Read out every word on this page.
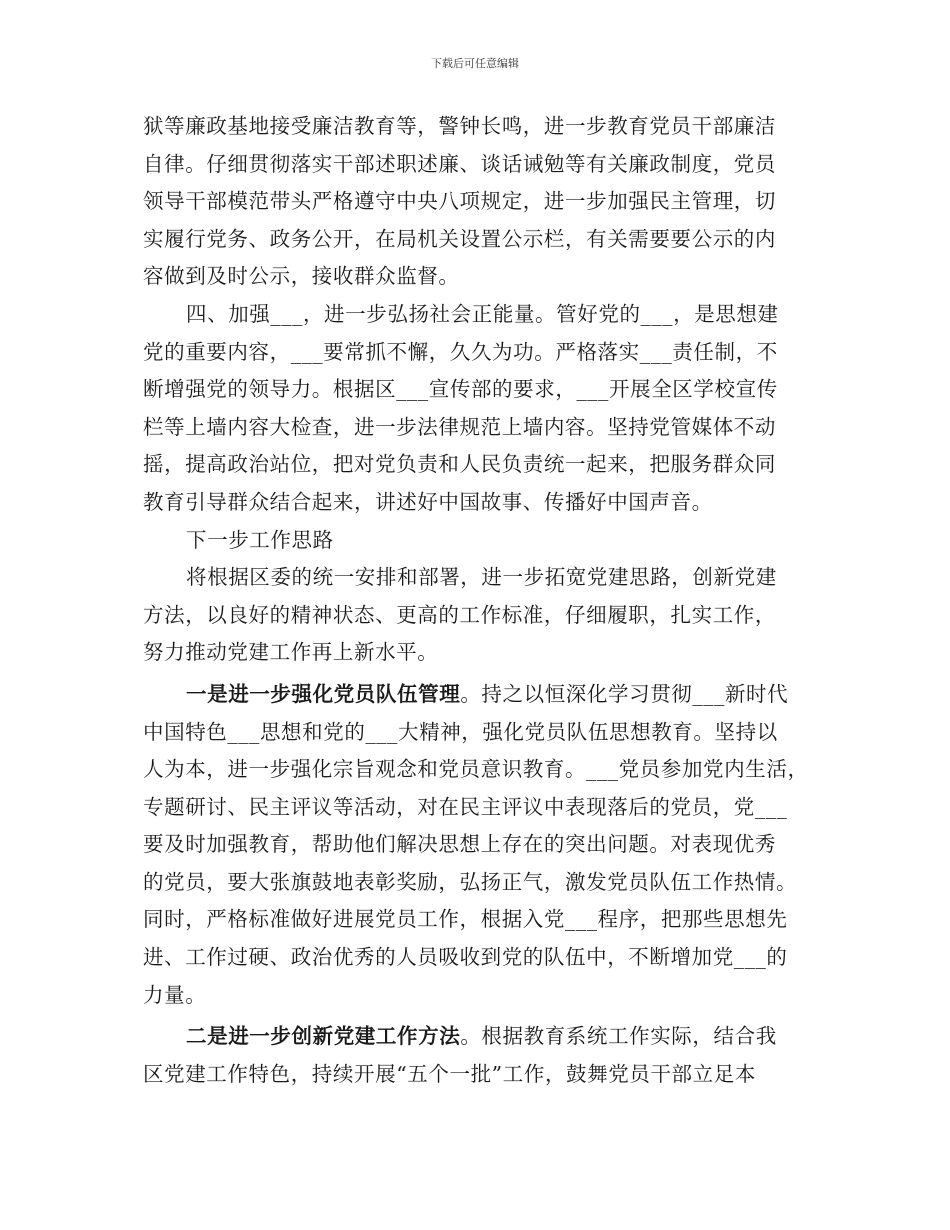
下载后可任意编辑
狱等廉政基地接受廉洁教育等，警钟长鸣，进一步教育党员干部廉洁
自律。仔细贯彻落实干部述职述廉、谈话诫勉等有关廉政制度，党员
领导干部模范带头严格遵守中央八项规定，进一步加强民主管理，切
实履行党务、政务公开，在局机关设置公示栏，有关需要要公示的内
容做到及时公示，接收群众监督。
四、加强___，进一步弘扬社会正能量。管好党的___，是思想建
党的重要内容，___要常抓不懈，久久为功。严格落实___责任制，不
断增强党的领导力。根据区___宣传部的要求，___开展全区学校宣传
栏等上墙内容大检查，进一步法律规范上墙内容。坚持党管媒体不动
摇，提高政治站位，把对党负责和人民负责统一起来，把服务群众同
教育引导群众结合起来，讲述好中国故事、传播好中国声音。
下一步工作思路
将根据区委的统一安排和部署，进一步拓宽党建思路，创新党建
方法，以良好的精神状态、更高的工作标准，仔细履职，扎实工作，
努力推动党建工作再上新水平。
一是进一步强化党员队伍管理。持之以恒深化学习贯彻___新时代
中国特色___思想和党的___大精神，强化党员队伍思想教育。坚持以
人为本，进一步强化宗旨观念和党员意识教育。___党员参加党内生活，
专题研讨、民主评议等活动，对在民主评议中表现落后的党员，党___
要及时加强教育，帮助他们解决思想上存在的突出问题。对表现优秀
的党员，要大张旗鼓地表彰奖励，弘扬正气，激发党员队伍工作热情。
同时，严格标准做好进展党员工作，根据入党___程序，把那些思想先
进、工作过硬、政治优秀的人员吸收到党的队伍中，不断增加党___的
力量。
二是进一步创新党建工作方法。根据教育系统工作实际，结合我
区党建工作特色，持续开展“五个一批”工作，鼓舞党员干部立足本
